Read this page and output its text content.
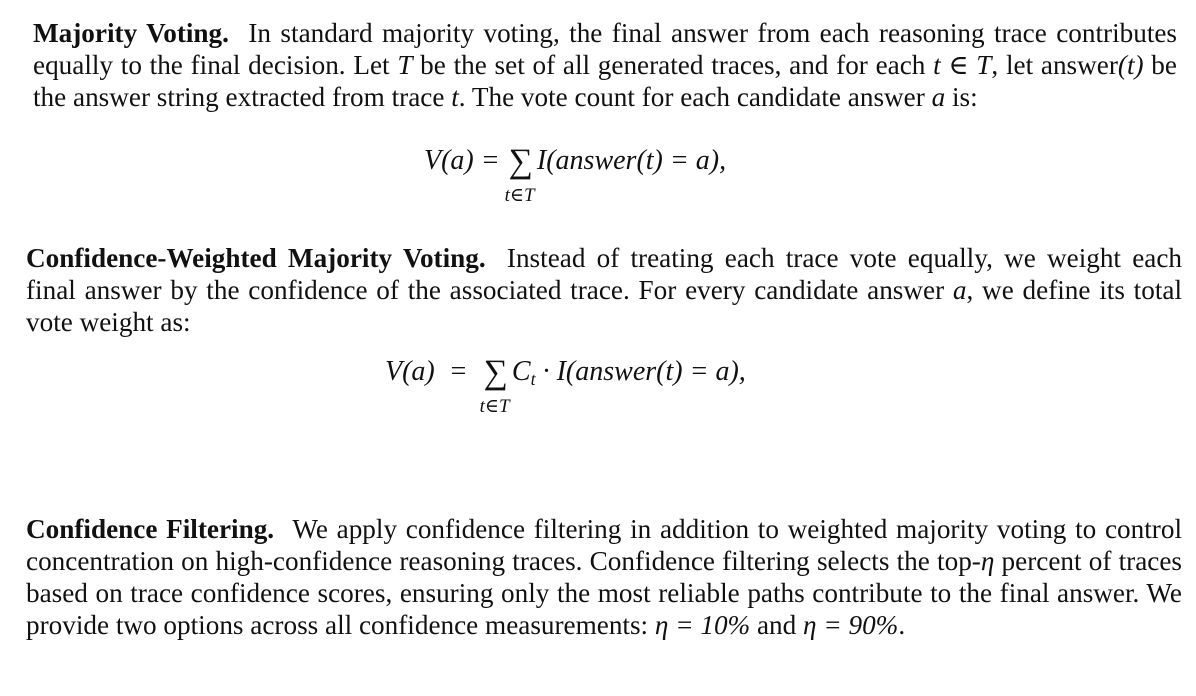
Majority Voting. In standard majority voting, the final answer from each reasoning trace contributes equally to the final decision. Let T be the set of all generated traces, and for each t ∈ T, let answer(t) be the answer string extracted from trace t. The vote count for each candidate answer a is:
V(a) = ∑
t∈T
I(answer(t) = a),
Confidence-Weighted Majority Voting. Instead of treating each trace vote equally, we weight each final answer by the confidence of the associated trace. For every candidate answer a, we define its total vote weight as:
V(a)  =  ∑
t∈T
$C_t$ · I(answer(t) = a),
Confidence Filtering. We apply confidence filtering in addition to weighted majority voting to control concentration on high-confidence reasoning traces. Confidence filtering selects the top-η percent of traces based on trace confidence scores, ensuring only the most reliable paths contribute to the final answer. We provide two options across all confidence measurements: η = 10% and η = 90%.
